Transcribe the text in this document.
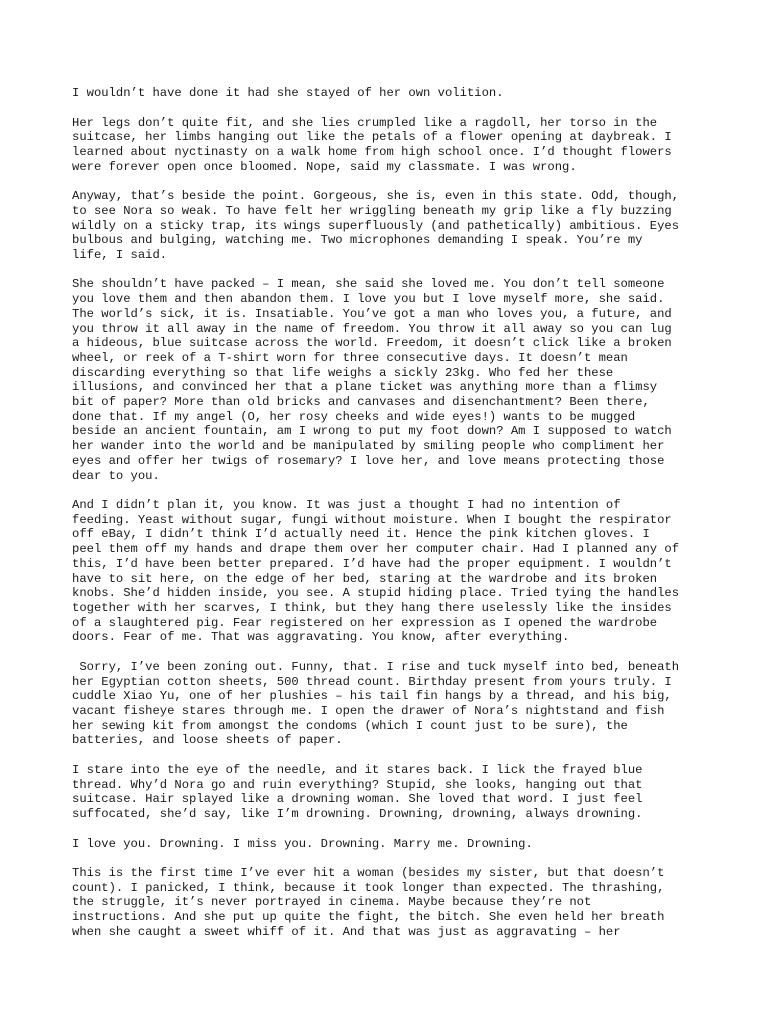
I wouldn’t have done it had she stayed of her own volition.

Her legs don’t quite fit, and she lies crumpled like a ragdoll, her torso in the
suitcase, her limbs hanging out like the petals of a flower opening at daybreak. I
learned about nyctinasty on a walk home from high school once. I’d thought flowers
were forever open once bloomed. Nope, said my classmate. I was wrong.

Anyway, that’s beside the point. Gorgeous, she is, even in this state. Odd, though,
to see Nora so weak. To have felt her wriggling beneath my grip like a fly buzzing
wildly on a sticky trap, its wings superfluously (and pathetically) ambitious. Eyes
bulbous and bulging, watching me. Two microphones demanding I speak. You’re my
life, I said.

She shouldn’t have packed – I mean, she said she loved me. You don’t tell someone
you love them and then abandon them. I love you but I love myself more, she said.
The world’s sick, it is. Insatiable. You’ve got a man who loves you, a future, and
you throw it all away in the name of freedom. You throw it all away so you can lug
a hideous, blue suitcase across the world. Freedom, it doesn’t click like a broken
wheel, or reek of a T-shirt worn for three consecutive days. It doesn’t mean
discarding everything so that life weighs a sickly 23kg. Who fed her these
illusions, and convinced her that a plane ticket was anything more than a flimsy
bit of paper? More than old bricks and canvases and disenchantment? Been there,
done that. If my angel (O, her rosy cheeks and wide eyes!) wants to be mugged
beside an ancient fountain, am I wrong to put my foot down? Am I supposed to watch
her wander into the world and be manipulated by smiling people who compliment her
eyes and offer her twigs of rosemary? I love her, and love means protecting those
dear to you.

And I didn’t plan it, you know. It was just a thought I had no intention of
feeding. Yeast without sugar, fungi without moisture. When I bought the respirator
off eBay, I didn’t think I’d actually need it. Hence the pink kitchen gloves. I
peel them off my hands and drape them over her computer chair. Had I planned any of
this, I’d have been better prepared. I’d have had the proper equipment. I wouldn’t
have to sit here, on the edge of her bed, staring at the wardrobe and its broken
knobs. She’d hidden inside, you see. A stupid hiding place. Tried tying the handles
together with her scarves, I think, but they hang there uselessly like the insides
of a slaughtered pig. Fear registered on her expression as I opened the wardrobe
doors. Fear of me. That was aggravating. You know, after everything.

Sorry, I’ve been zoning out. Funny, that. I rise and tuck myself into bed, beneath
her Egyptian cotton sheets, 500 thread count. Birthday present from yours truly. I
cuddle Xiao Yu, one of her plushies – his tail fin hangs by a thread, and his big,
vacant fisheye stares through me. I open the drawer of Nora’s nightstand and fish
her sewing kit from amongst the condoms (which I count just to be sure), the
batteries, and loose sheets of paper.

I stare into the eye of the needle, and it stares back. I lick the frayed blue
thread. Why’d Nora go and ruin everything? Stupid, she looks, hanging out that
suitcase. Hair splayed like a drowning woman. She loved that word. I just feel
suffocated, she’d say, like I’m drowning. Drowning, drowning, always drowning.

I love you. Drowning. I miss you. Drowning. Marry me. Drowning.

This is the first time I’ve ever hit a woman (besides my sister, but that doesn’t
count). I panicked, I think, because it took longer than expected. The thrashing,
the struggle, it’s never portrayed in cinema. Maybe because they’re not
instructions. And she put up quite the fight, the bitch. She even held her breath
when she caught a sweet whiff of it. And that was just as aggravating – her
